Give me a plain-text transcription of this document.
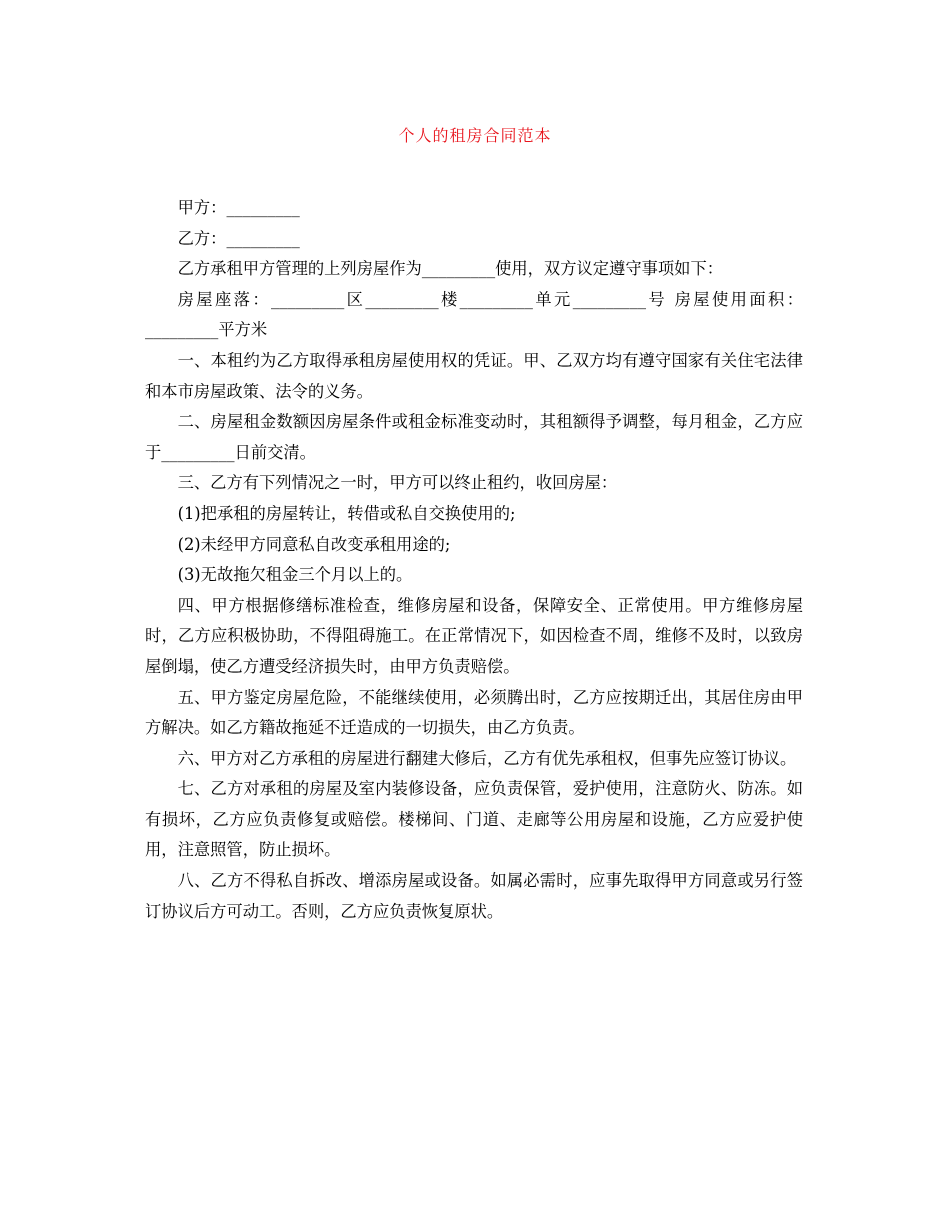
个人的租房合同范本

甲方：_________

乙方：_________

乙方承租甲方管理的上列房屋作为_________使用，双方议定遵守事项如下：

房屋座落：_________区_________楼_________单元_________号 房屋使用面积：_________平方米

一、本租约为乙方取得承租房屋使用权的凭证。甲、乙双方均有遵守国家有关住宅法律和本市房屋政策、法令的义务。

二、房屋租金数额因房屋条件或租金标准变动时，其租额得予调整，每月租金，乙方应于_________日前交清。

三、乙方有下列情况之一时，甲方可以终止租约，收回房屋：

(1)把承租的房屋转让，转借或私自交换使用的;

(2)未经甲方同意私自改变承租用途的;

(3)无故拖欠租金三个月以上的。

四、甲方根据修缮标准检查，维修房屋和设备，保障安全、正常使用。甲方维修房屋时，乙方应积极协助，不得阻碍施工。在正常情况下，如因检查不周，维修不及时，以致房屋倒塌，使乙方遭受经济损失时，由甲方负责赔偿。

五、甲方鉴定房屋危险，不能继续使用，必须腾出时，乙方应按期迁出，其居住房由甲方解决。如乙方籍故拖延不迁造成的一切损失，由乙方负责。

六、甲方对乙方承租的房屋进行翻建大修后，乙方有优先承租权，但事先应签订协议。

七、乙方对承租的房屋及室内装修设备，应负责保管，爱护使用，注意防火、防冻。如有损坏，乙方应负责修复或赔偿。楼梯间、门道、走廊等公用房屋和设施，乙方应爱护使用，注意照管，防止损坏。

八、乙方不得私自拆改、增添房屋或设备。如属必需时，应事先取得甲方同意或另行签订协议后方可动工。否则，乙方应负责恢复原状。
